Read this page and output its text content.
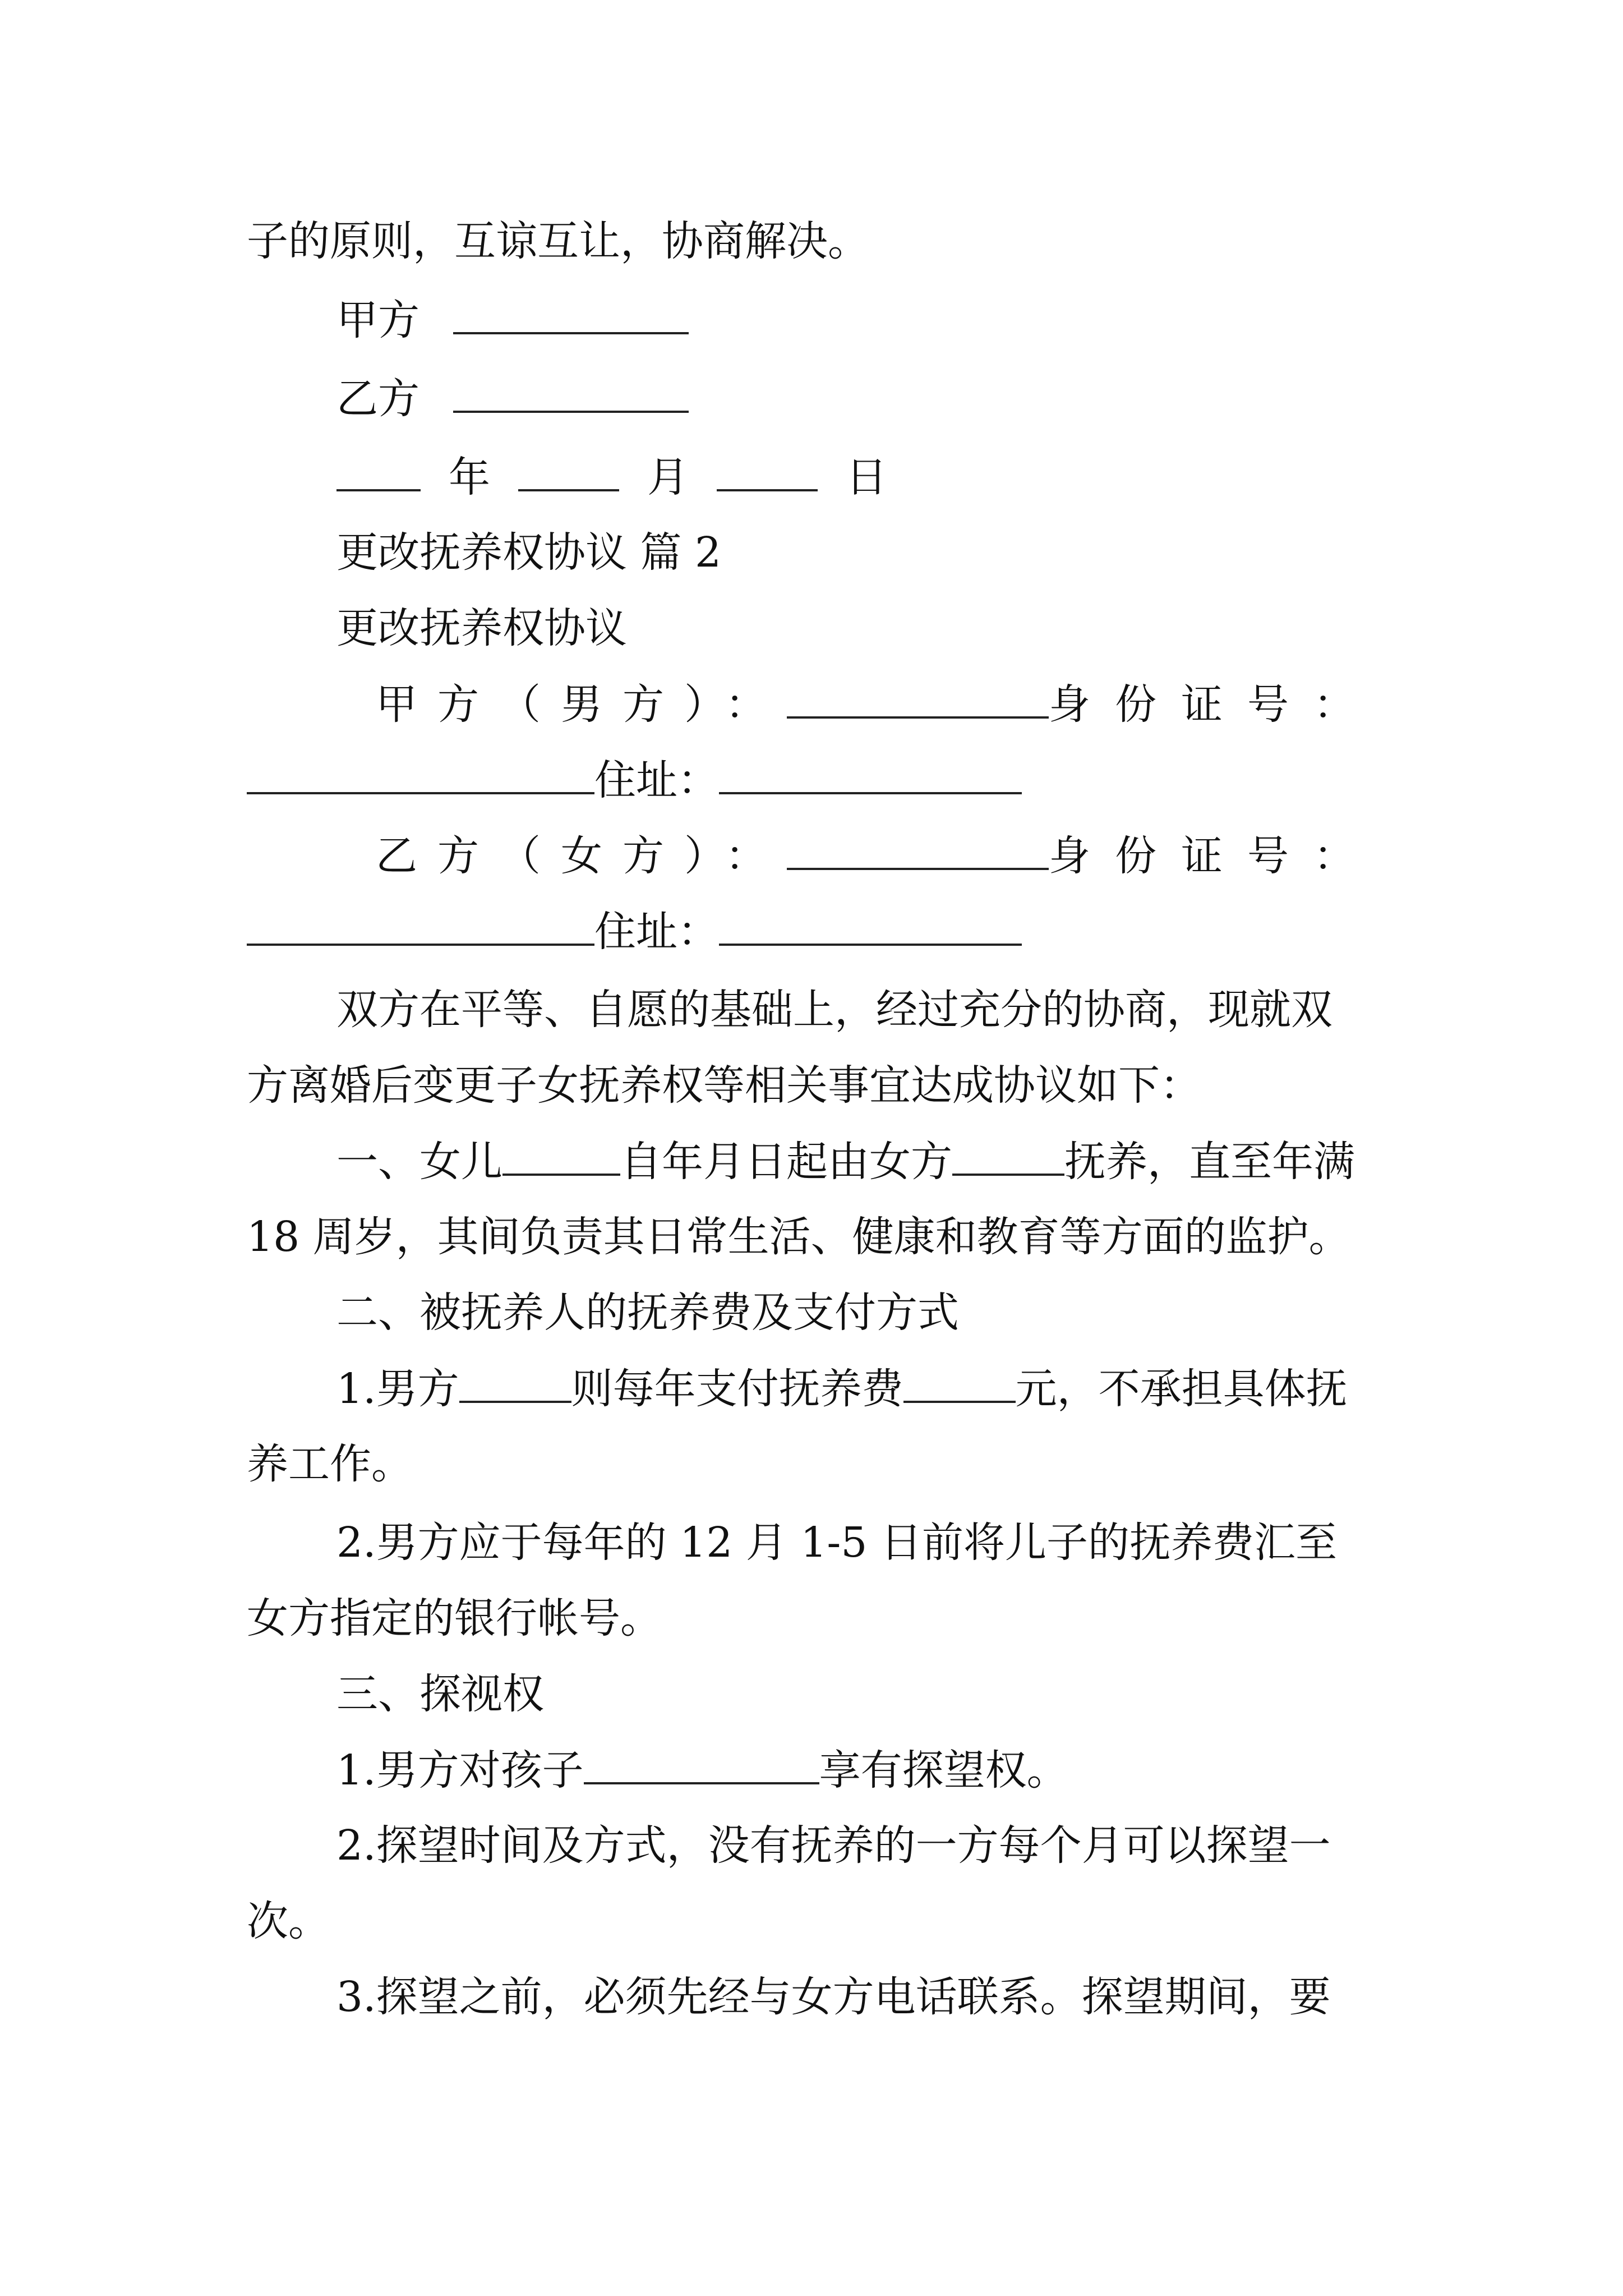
子的原则，互谅互让，协商解决。
甲方
乙方
年	月	日
更改抚养权协议 篇 2
更改抚养权协议
甲方（男方）：	身份证号：
住址：
乙方（女方）：	身份证号：
住址：
双方在平等、自愿的基础上，经过充分的协商，现就双
方离婚后变更子女抚养权等相关事宜达成协议如下：
一、女儿	自年月日起由女方	抚养，直至年满
18 周岁，其间负责其日常生活、健康和教育等方面的监护。
二、被抚养人的抚养费及支付方式
1.男方	则每年支付抚养费	元，不承担具体抚
养工作。
2.男方应于每年的 12 月 1-5 日前将儿子的抚养费汇至
女方指定的银行帐号。
三、探视权
1.男方对孩子	享有探望权。
2.探望时间及方式，没有抚养的一方每个月可以探望一
次。
3.探望之前，必须先经与女方电话联系。探望期间，要
